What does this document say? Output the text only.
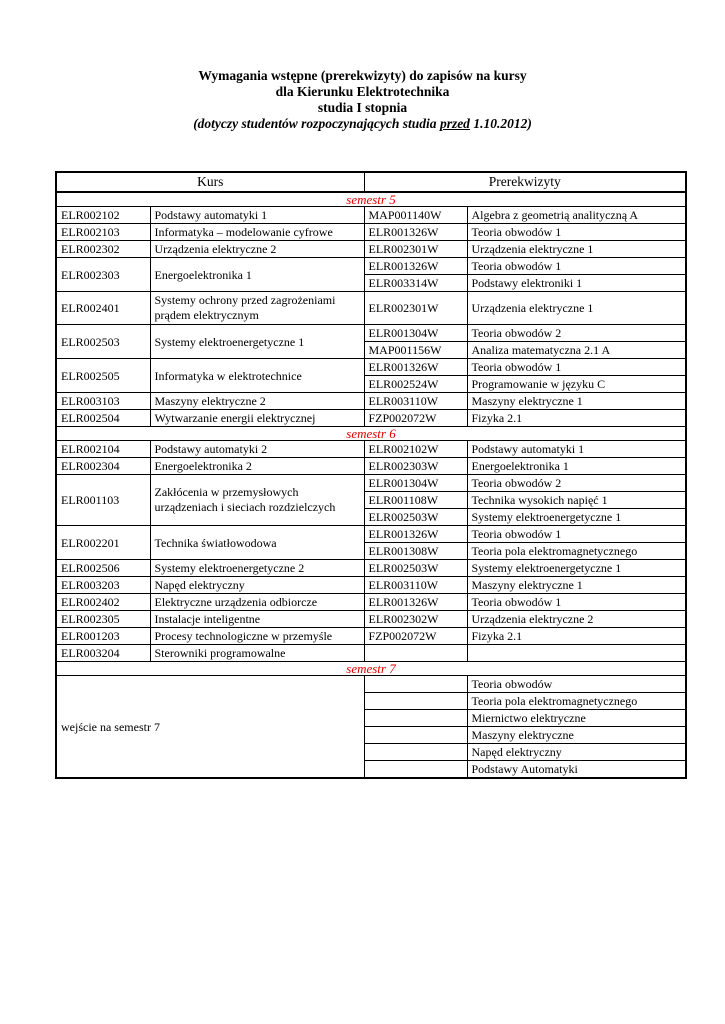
Wymagania wstępne (prerekwizyty) do zapisów na kursy
dla Kierunku Elektrotechnika
studia I stopnia
(dotyczy studentów rozpoczynających studia przed 1.10.2012)
Kurs		Prerekwizyty	
semestr 5			
ELR002102	Podstawy automatyki 1	MAP001140W	Algebra z geometrią analityczną A
ELR002103	Informatyka – modelowanie cyfrowe	ELR001326W	Teoria obwodów 1
ELR002302	Urządzenia elektryczne 2	ELR002301W	Urządzenia elektryczne 1
ELR002303	Energoelektronika 1	ELR001326W	Teoria obwodów 1
		ELR003314W	Podstawy elektroniki 1
ELR002401	Systemy ochrony przed zagrożeniami
prądem elektrycznym	ELR002301W	Urządzenia elektryczne 1
ELR002503	Systemy elektroenergetyczne 1	ELR001304W	Teoria obwodów 2
		MAP001156W	Analiza matematyczna 2.1 A
ELR002505	Informatyka w elektrotechnice	ELR001326W	Teoria obwodów 1
		ELR002524W	Programowanie w języku C
ELR003103	Maszyny elektryczne 2	ELR003110W	Maszyny elektryczne 1
ELR002504	Wytwarzanie energii elektrycznej	FZP002072W	Fizyka 2.1
semestr 6			
ELR002104	Podstawy automatyki 2	ELR002102W	Podstawy automatyki 1
ELR002304	Energoelektronika 2	ELR002303W	Energoelektronika 1
ELR001103	Zakłócenia w przemysłowych
urządzeniach i sieciach rozdzielczych	ELR001304W	Teoria obwodów 2
		ELR001108W	Technika wysokich napięć 1
		ELR002503W	Systemy elektroenergetyczne 1
ELR002201	Technika światłowodowa	ELR001326W	Teoria obwodów 1
		ELR001308W	Teoria pola elektromagnetycznego
ELR002506	Systemy elektroenergetyczne 2	ELR002503W	Systemy elektroenergetyczne 1
ELR003203	Napęd elektryczny	ELR003110W	Maszyny elektryczne 1
ELR002402	Elektryczne urządzenia odbiorcze	ELR001326W	Teoria obwodów 1
ELR002305	Instalacje inteligentne	ELR002302W	Urządzenia elektryczne 2
ELR001203	Procesy technologiczne w przemyśle	FZP002072W	Fizyka 2.1
ELR003204	Sterowniki programowalne		
semestr 7			
wejście na semestr 7			Teoria obwodów
			Teoria pola elektromagnetycznego
			Miernictwo elektryczne
			Maszyny elektryczne
			Napęd elektryczny
			Podstawy Automatyki
